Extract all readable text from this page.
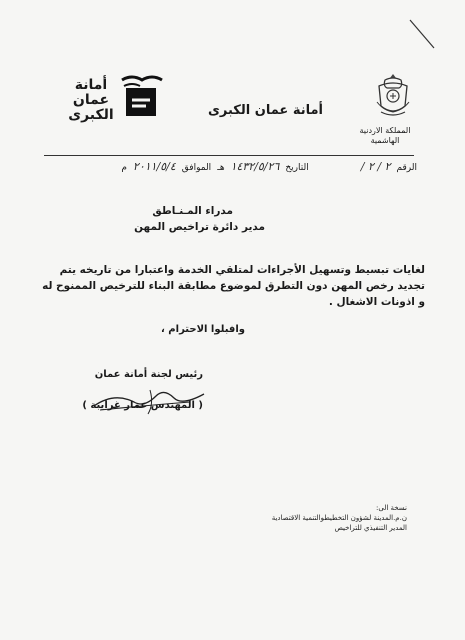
المملكة الاردنية
الهاشمية
أمانة عمان الكبرى
أمانة
عمان
الكبرى
الرقم
٢ / ٢ /
التاريخ
١٤٣٢/٥/٢٦
هـ
الموافق
٢٠١١/٥/٤
م
مدراء المـنـاطق
مدير دائرة تراخيص المهن
لغايات تبسيط وتسهيل الأجراءات لمتلقي الخدمة واعتبارا من تاريخه يتم تجديد رخص المهن دون التطرق لموضوع مطابقة البناء للترخيص الممنوح له و اذونات الاشغال .
وافبلوا الاحترام ،
رئيس لجنة أمانة عمان
( المهندس عمار غرايبة )
نسخة الى:
ن.م.المدينة لشؤون التخطيطوالتنمية الاقتصادية
المدير التنفيذي للتراخيص
